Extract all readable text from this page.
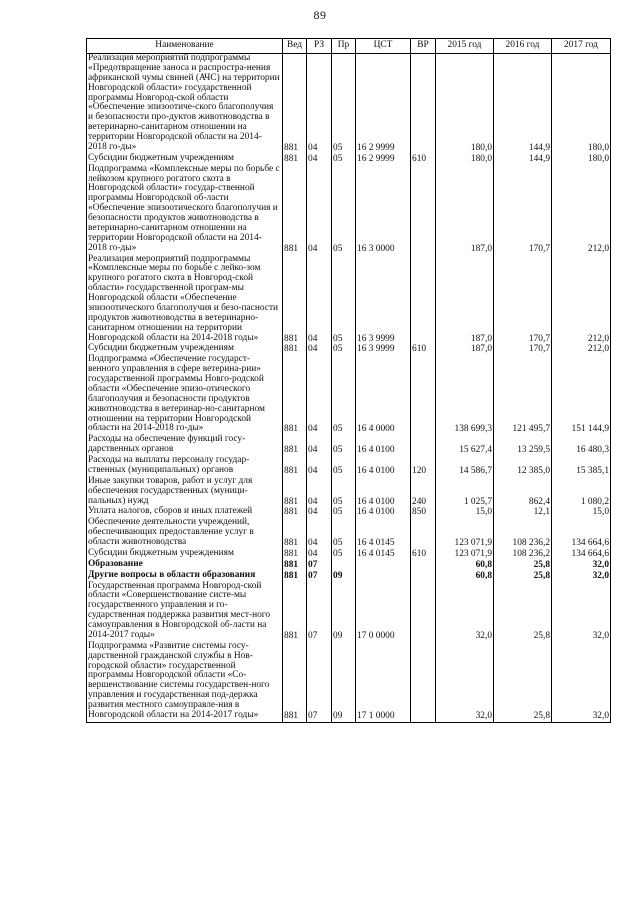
89
Наименование	Вед	РЗ	Пр	ЦСТ	ВР	2015 год	2016 год	2017 год
Реализация мероприятий подпрограммы «Предотвращение заноса и распростра-нения африканской чумы свиней (АЧС) на территории Новгородской области» государственной программы Новгород-ской области «Обеспечение эпизоотиче-ского благополучия и безопасности про-дуктов животноводства в ветеринарно-санитарном отношении на территории Новгородской области на 2014-2018 го-ды»	881	04	05	16 2 9999		180,0	144,9	180,0
Субсидии бюджетным учреждениям	881	04	05	16 2 9999	610	180,0	144,9	180,0
Подпрограмма «Комплексные меры по борьбе с лейкозом крупного рогатого скота в Новгородской области» государ-ственной программы Новгородской об-ласти «Обеспечение эпизоотического благополучия и безопасности продуктов животноводства в ветеринарно-санитарном отношении на территории Новгородской области на 2014-2018 го-ды»	881	04	05	16 3 0000		187,0	170,7	212,0
Реализация мероприятий подпрограммы «Комплексные меры по борьбе с лейко-зом крупного рогатого скота в Новгород-ской области» государственной програм-мы Новгородской области «Обеспечение эпизоотического благополучия и безо-пасности продуктов животноводства в ветеринарно-санитарном отношении на территории Новгородской области на 2014-2018 годы»	881	04	05	16 3 9999		187,0	170,7	212,0
Субсидии бюджетным учреждениям	881	04	05	16 3 9999	610	187,0	170,7	212,0
Подпрограмма «Обеспечение государст-венного управления в сфере ветерина-рии» государственной программы Новго-родской области «Обеспечение эпизо-отического благополучия и безопасности продуктов животноводства в ветеринар-но-санитарном отношении на территории Новгородской области на 2014-2018 го-ды»	881	04	05	16 4 0000		138 699,3	121 495,7	151 144,9
Расходы на обеспечение функций госу-дарственных органов	881	04	05	16 4 0100		15 627,4	13 259,5	16 480,3
Расходы на выплаты персоналу государ-ственных (муниципальных) органов	881	04	05	16 4 0100	120	14 586,7	12 385,0	15 385,1
Иные закупки товаров, работ и услуг для обеспечения государственных (муници-пальных) нужд	881	04	05	16 4 0100	240	1 025,7	862,4	1 080,2
Уплата налогов, сборов и иных платежей	881	04	05	16 4 0100	850	15,0	12,1	15,0
Обеспечение деятельности учреждений, обеспечивающих предоставление услуг в области животноводства	881	04	05	16 4 0145		123 071,9	108 236,2	134 664,6
Субсидии бюджетным учреждениям	881	04	05	16 4 0145	610	123 071,9	108 236,2	134 664,6
Образование	881	07				60,8	25,8	32,0
Другие вопросы в области образования	881	07	09			60,8	25,8	32,0
Государственная программа Новгород-ской области «Совершенствование систе-мы государственного управления и го-сударственная поддержка развития мест-ного самоуправления в Новгородской об-ласти на 2014-2017 годы»	881	07	09	17 0 0000		32,0	25,8	32,0
Подпрограмма «Развитие системы госу-дарственной гражданской службы в Нов-городской области» государственной программы Новгородской области «Со-вершенствование системы государствен-ного управления и государственная под-держка развития местного самоуправле-ния в Новгородской области на 2014-2017 годы»	881	07	09	17 1 0000		32,0	25,8	32,0
